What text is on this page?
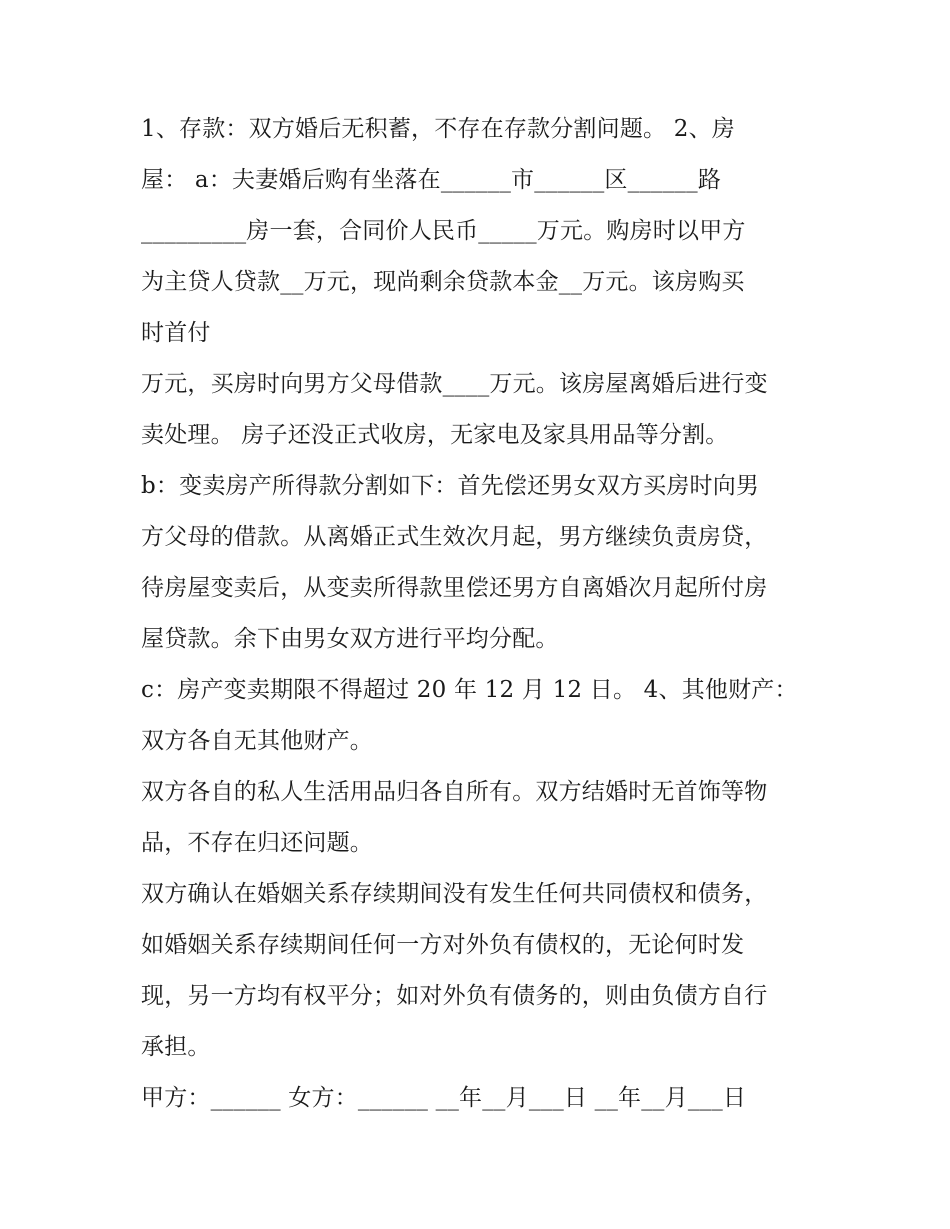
1、存款：双方婚后无积蓄，不存在存款分割问题。 2、房
屋： a：夫妻婚后购有坐落在______市______区______路
_________房一套，合同价人民币_____万元。购房时以甲方
为主贷人贷款__万元，现尚剩余贷款本金__万元。该房购买
时首付
万元，买房时向男方父母借款____万元。该房屋离婚后进行变
卖处理。 房子还没正式收房，无家电及家具用品等分割。
b：变卖房产所得款分割如下：首先偿还男女双方买房时向男
方父母的借款。从离婚正式生效次月起，男方继续负责房贷，
待房屋变卖后，从变卖所得款里偿还男方自离婚次月起所付房
屋贷款。余下由男女双方进行平均分配。
c：房产变卖期限不得超过 20 年 12 月 12 日。 4、其他财产：
双方各自无其他财产。
双方各自的私人生活用品归各自所有。双方结婚时无首饰等物
品，不存在归还问题。
双方确认在婚姻关系存续期间没有发生任何共同债权和债务，
如婚姻关系存续期间任何一方对外负有债权的，无论何时发
现，另一方均有权平分；如对外负有债务的，则由负债方自行
承担。
甲方：______ 女方：______ __年__月___日 __年__月___日
